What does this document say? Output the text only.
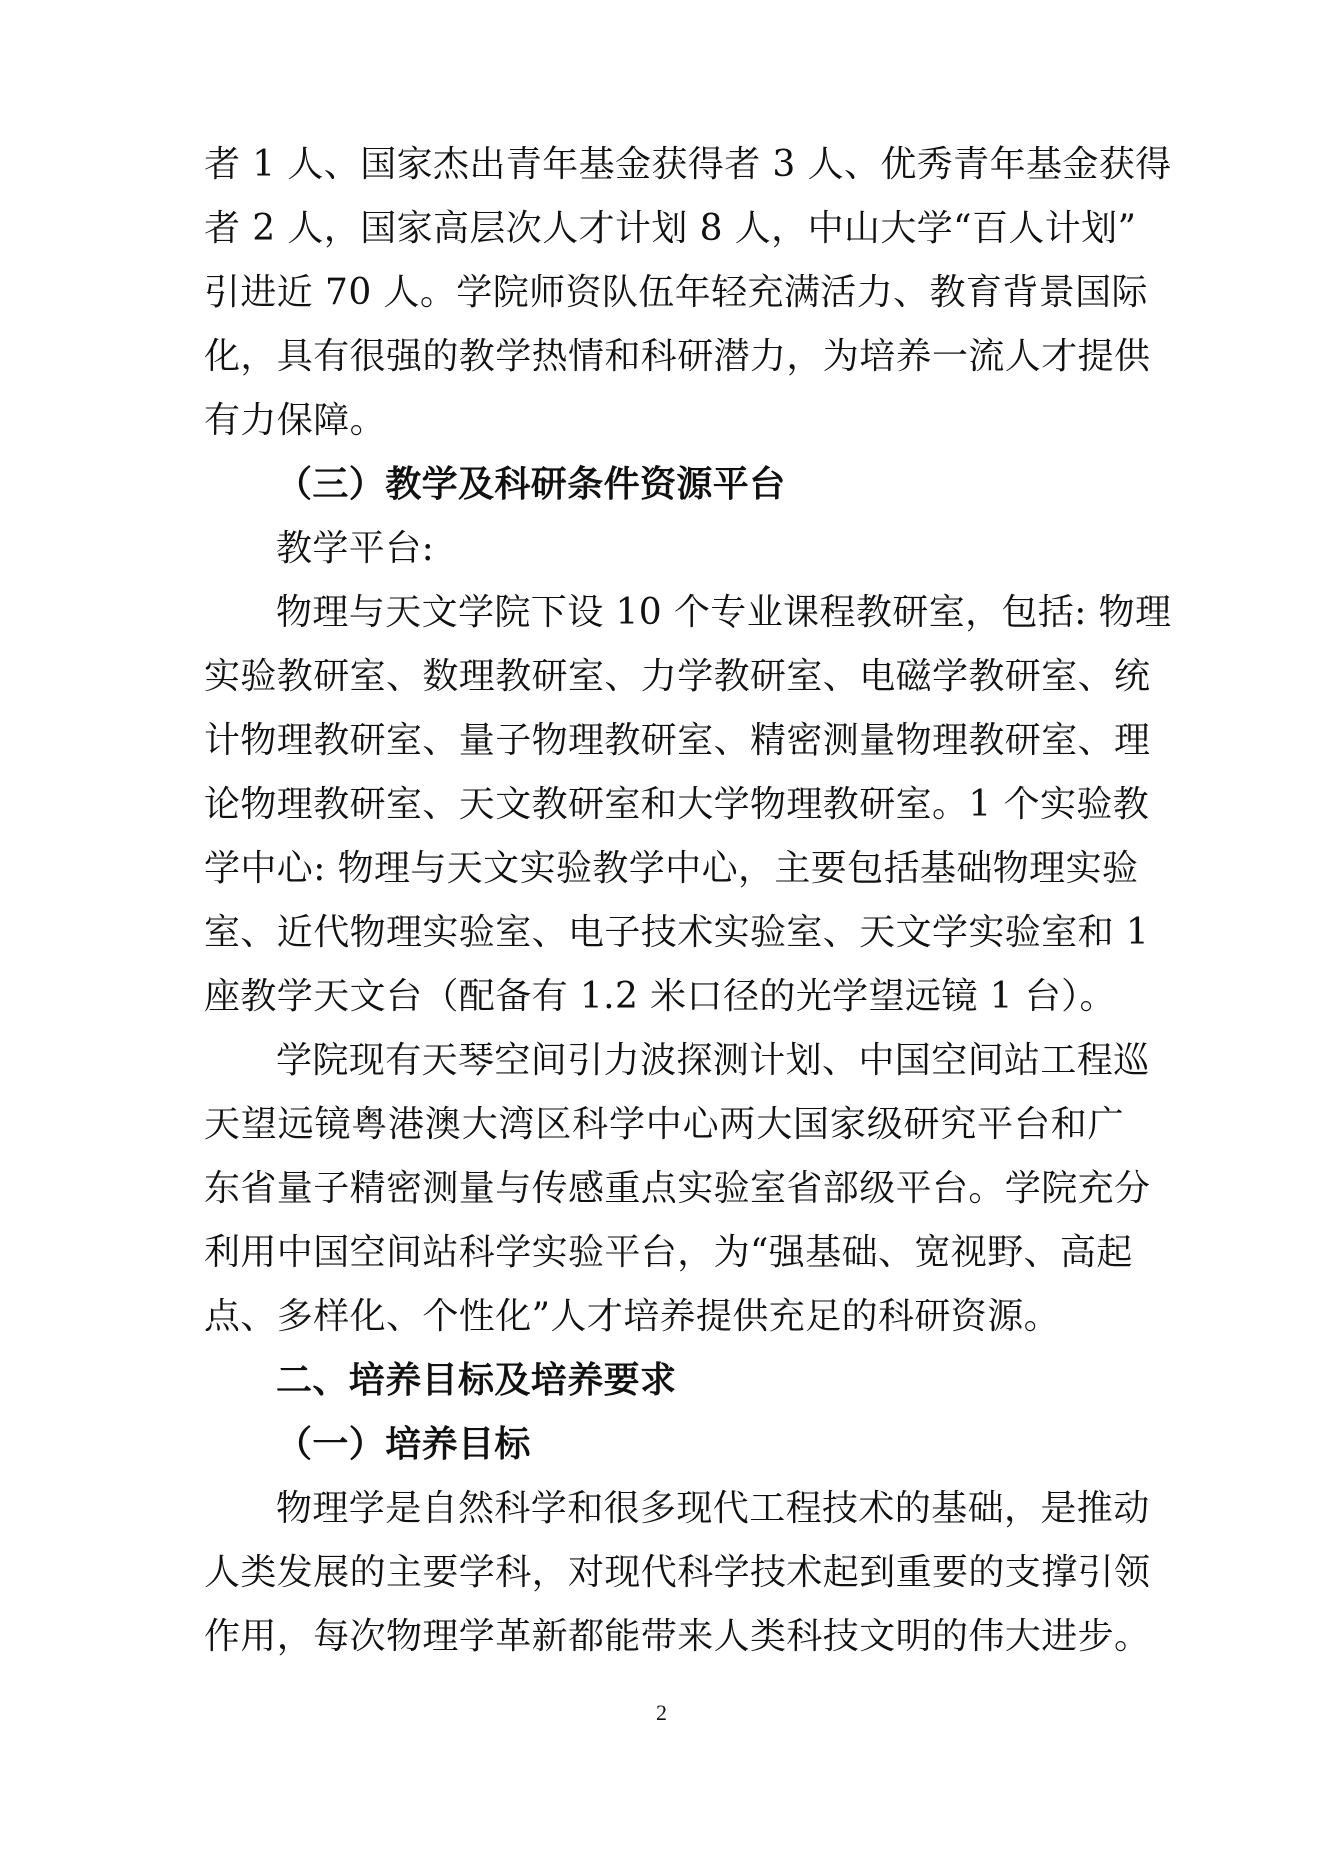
者 1 人、国家杰出青年基金获得者 3 人、优秀青年基金获得
者 2 人，国家高层次人才计划 8 人，中山大学“百人计划”
引进近 70 人。学院师资队伍年轻充满活力、教育背景国际
化，具有很强的教学热情和科研潜力，为培养一流人才提供
有力保障。
（三）教学及科研条件资源平台
教学平台:
物理与天文学院下设 10 个专业课程教研室，包括: 物理
实验教研室、数理教研室、力学教研室、电磁学教研室、统
计物理教研室、量子物理教研室、精密测量物理教研室、理
论物理教研室、天文教研室和大学物理教研室。1 个实验教
学中心: 物理与天文实验教学中心，主要包括基础物理实验
室、近代物理实验室、电子技术实验室、天文学实验室和 1
座教学天文台（配备有 1.2 米口径的光学望远镜 1 台）。
学院现有天琴空间引力波探测计划、中国空间站工程巡
天望远镜粤港澳大湾区科学中心两大国家级研究平台和广
东省量子精密测量与传感重点实验室省部级平台。学院充分
利用中国空间站科学实验平台，为“强基础、宽视野、高起
点、多样化、个性化”人才培养提供充足的科研资源。
二、培养目标及培养要求
（一）培养目标
物理学是自然科学和很多现代工程技术的基础，是推动
人类发展的主要学科，对现代科学技术起到重要的支撑引领
作用，每次物理学革新都能带来人类科技文明的伟大进步。
2
